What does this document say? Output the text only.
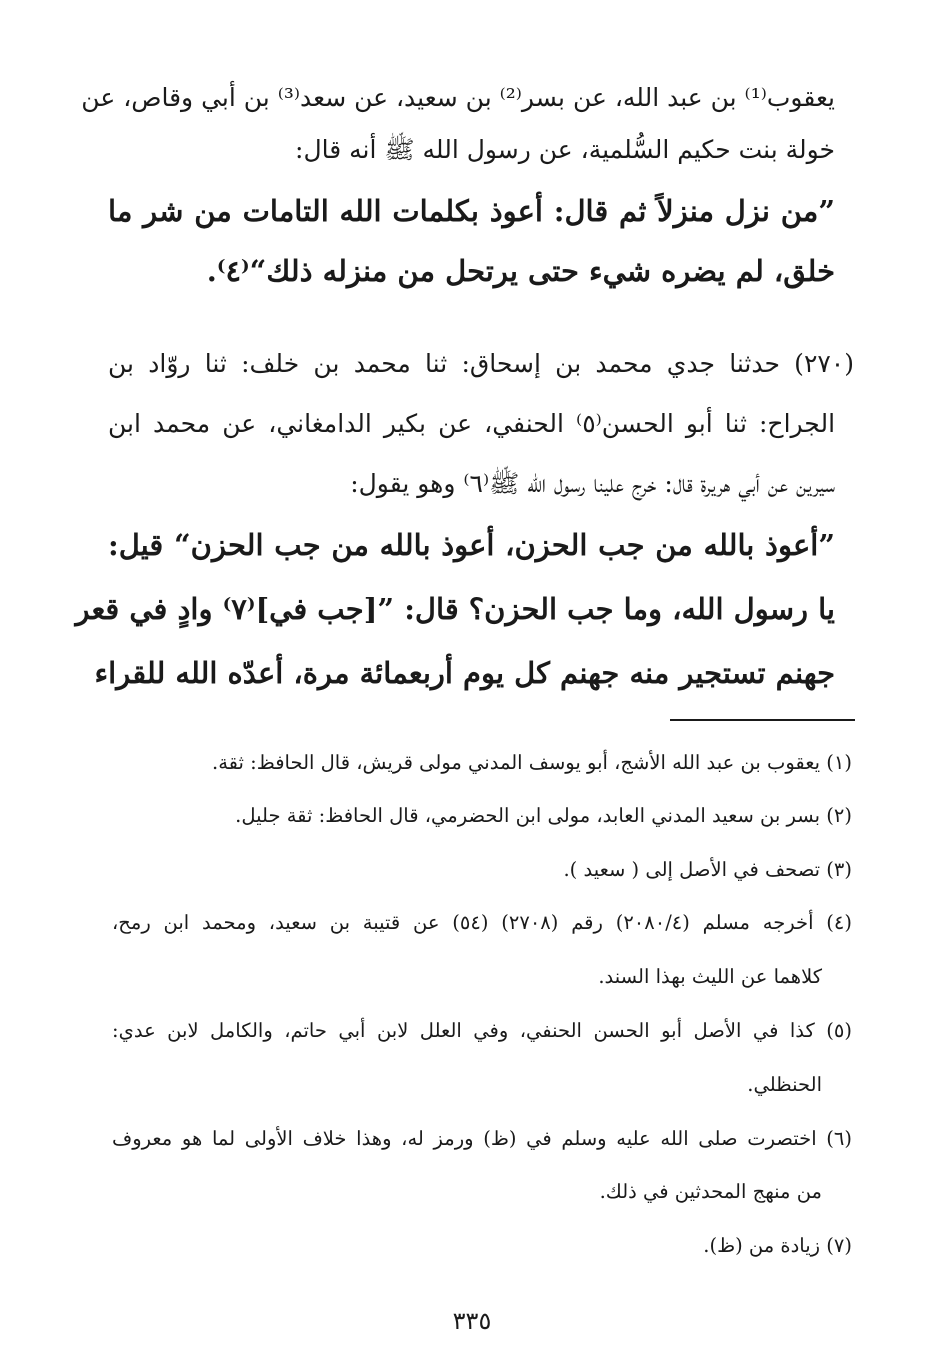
يعقوب⁽¹⁾ بن عبد الله، عن بسر⁽²⁾ بن سعيد، عن سعد⁽³⁾ بن أبي وقاص، عن
خولة بنت حكيم السُّلمية، عن رسول الله ﷺ أنه قال:
”من نزل منزلاً ثم قال: أعوذ بكلمات الله التامات من شر ما
خلق، لم يضره شيء حتى يرتحل من منزله ذلك“⁽٤⁾.
(٢٧٠) حدثنا جدي محمد بن إسحاق: ثنا محمد بن خلف: ثنا روّاد بن
الجراح: ثنا أبو الحسن⁽٥⁾ الحنفي، عن بكير الدامغاني، عن محمد ابن
سيرين عن أبي هريرة قال: خرج علينا رسول الله ﷺ⁽٦⁾ وهو يقول:
”أعوذ بالله من جب الحزن، أعوذ بالله من جب الحزن“ قيل:
يا رسول الله، وما جب الحزن؟ قال: ”[جب في]⁽٧⁾ وادٍ في قعر
جهنم تستجير منه جهنم كل يوم أربعمائة مرة، أعدّه الله للقراء
(١) يعقوب بن عبد الله الأشج، أبو يوسف المدني مولى قريش، قال الحافظ: ثقة.
(٢) بسر بن سعيد المدني العابد، مولى ابن الحضرمي، قال الحافظ: ثقة جليل.
(٣) تصحف في الأصل إلى ( سعيد ).
(٤) أخرجه مسلم (٢٠٨٠/٤) رقم (٢٧٠٨) (٥٤) عن قتيبة بن سعيد، ومحمد ابن رمح،
كلاهما عن الليث بهذا السند.
(٥) كذا في الأصل أبو الحسن الحنفي، وفي العلل لابن أبي حاتم، والكامل لابن عدي:
الحنظلي.
(٦) اختصرت صلى الله عليه وسلم في (ظ) ورمز له، وهذا خلاف الأولى لما هو معروف
من منهج المحدثين في ذلك.
(٧) زيادة من (ظ).
٣٣٥
